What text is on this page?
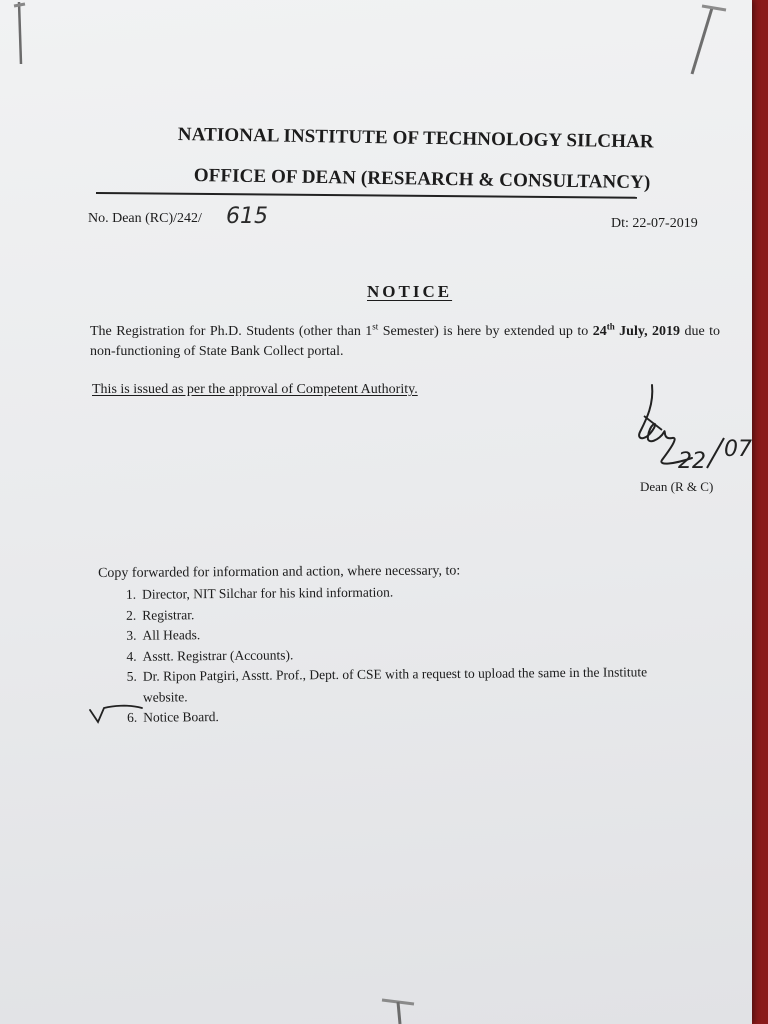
NATIONAL INSTITUTE OF TECHNOLOGY SILCHAR
OFFICE OF DEAN (RESEARCH & CONSULTANCY)
No. Dean (RC)/242/ 615	Dt: 22-07-2019
NOTICE
The Registration for Ph.D. Students (other than 1st Semester) is here by extended up to 24th July, 2019 due to non-functioning of State Bank Collect portal.
This is issued as per the approval of Competent Authority.
22 07
Dean (R & C)
Copy forwarded for information and action, where necessary, to:
1. Director, NIT Silchar for his kind information.
2. Registrar.
3. All Heads.
4. Asstt. Registrar (Accounts).
5. Dr. Ripon Patgiri, Asstt. Prof., Dept. of CSE with a request to upload the same in the Institute
website.
6. Notice Board.
